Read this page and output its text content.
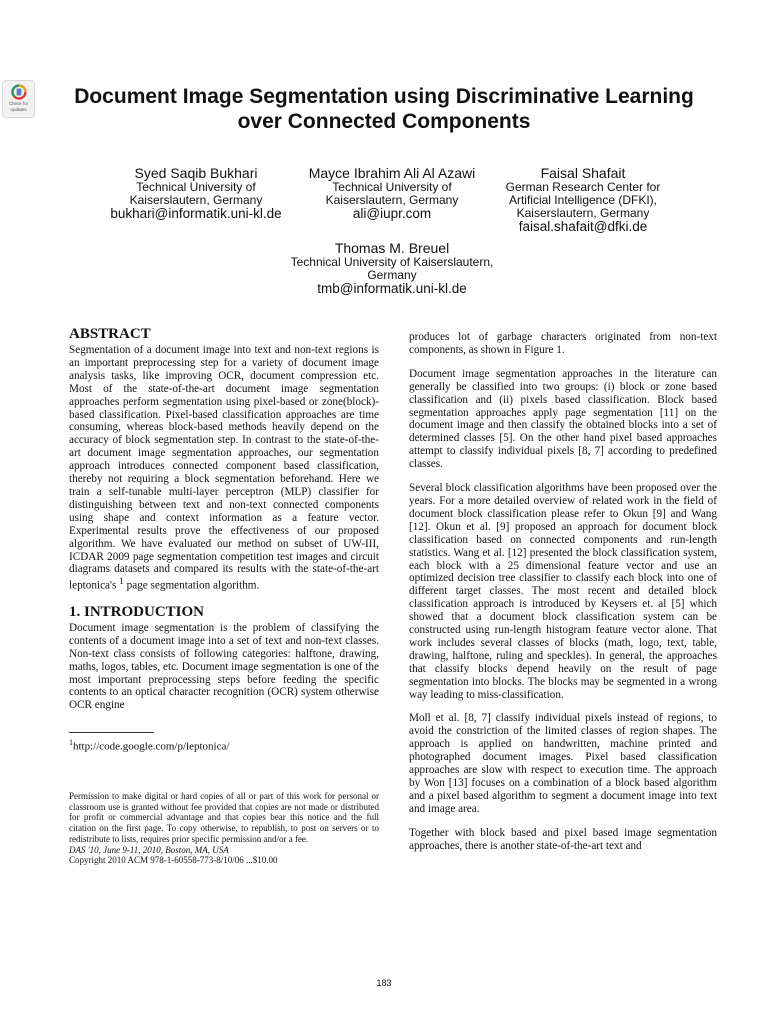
Check for
updates
Document Image Segmentation using Discriminative Learning over Connected Components
Syed Saqib Bukhari
Technical University of Kaiserslautern, Germany
bukhari@informatik.uni-kl.de
Mayce Ibrahim Ali Al Azawi
Technical University of Kaiserslautern, Germany
ali@iupr.com
Faisal Shafait
German Research Center for Artificial Intelligence (DFKI), Kaiserslautern, Germany
faisal.shafait@dfki.de
Thomas M. Breuel
Technical University of Kaiserslautern, Germany
tmb@informatik.uni-kl.de
ABSTRACT

Segmentation of a document image into text and non-text regions is an important preprocessing step for a variety of document image analysis tasks, like improving OCR, document compression etc. Most of the state-of-the-art document image segmentation approaches perform segmentation using pixel-based or zone(block)-based classification. Pixel-based classification approaches are time consuming, whereas block-based methods heavily depend on the accuracy of block segmentation step. In contrast to the state-of-the-art document image segmentation approaches, our segmentation approach introduces connected component based classification, thereby not requiring a block segmentation beforehand. Here we train a self-tunable multi-layer perceptron (MLP) classifier for distinguishing between text and non-text connected components using shape and context information as a feature vector. Experimental results prove the effectiveness of our proposed algorithm. We have evaluated our method on subset of UW-III, ICDAR 2009 page segmentation competition test images and circuit diagrams datasets and compared its results with the state-of-the-art leptonica's $^1$ page segmentation algorithm.

1. INTRODUCTION

Document image segmentation is the problem of classifying the contents of a document image into a set of text and non-text classes. Non-text class consists of following categories: halftone, drawing, maths, logos, tables, etc. Document image segmentation is one of the most important preprocessing steps before feeding the specific contents to an optical character recognition (OCR) system otherwise OCR engine

$^1$http://code.google.com/p/leptonica/
Permission to make digital or hard copies of all or part of this work for personal or classroom use is granted without fee provided that copies are not made or distributed for profit or commercial advantage and that copies bear this notice and the full citation on the first page. To copy otherwise, to republish, to post on servers or to redistribute to lists, requires prior specific permission and/or a fee.
DAS '10, June 9-11, 2010, Boston, MA, USA
Copyright 2010 ACM 978-1-60558-773-8/10/06 ...$10.00

produces lot of garbage characters originated from non-text components, as shown in Figure 1.

Document image segmentation approaches in the literature can generally be classified into two groups: (i) block or zone based classification and (ii) pixels based classification. Block based segmentation approaches apply page segmentation [11] on the document image and then classify the obtained blocks into a set of determined classes [5]. On the other hand pixel based approaches attempt to classify individual pixels [8, 7] according to predefined classes.

Several block classification algorithms have been proposed over the years. For a more detailed overview of related work in the field of document block classification please refer to Okun [9] and Wang [12]. Okun et al. [9] proposed an approach for document block classification based on connected components and run-length statistics. Wang et al. [12] presented the block classification system, each block with a 25 dimensional feature vector and use an optimized decision tree classifier to classify each block into one of different target classes. The most recent and detailed block classification approach is introduced by Keysers et. al [5] which showed that a document block classification system can be constructed using run-length histogram feature vector alone. That work includes several classes of blocks (math, logo, text, table, drawing, halftone, ruling and speckles). In general, the approaches that classify blocks depend heavily on the result of page segmentation into blocks. The blocks may be segmented in a wrong way leading to miss-classification.

Moll et al. [8, 7] classify individual pixels instead of regions, to avoid the constriction of the limited classes of region shapes. The approach is applied on handwritten, machine printed and photographed document images. Pixel based classification approaches are slow with respect to execution time. The approach by Won [13] focuses on a combination of a block based algorithm and a pixel based algorithm to segment a document image into text and image area.

Together with block based and pixel based image segmentation approaches, there is another state-of-the-art text and

183
